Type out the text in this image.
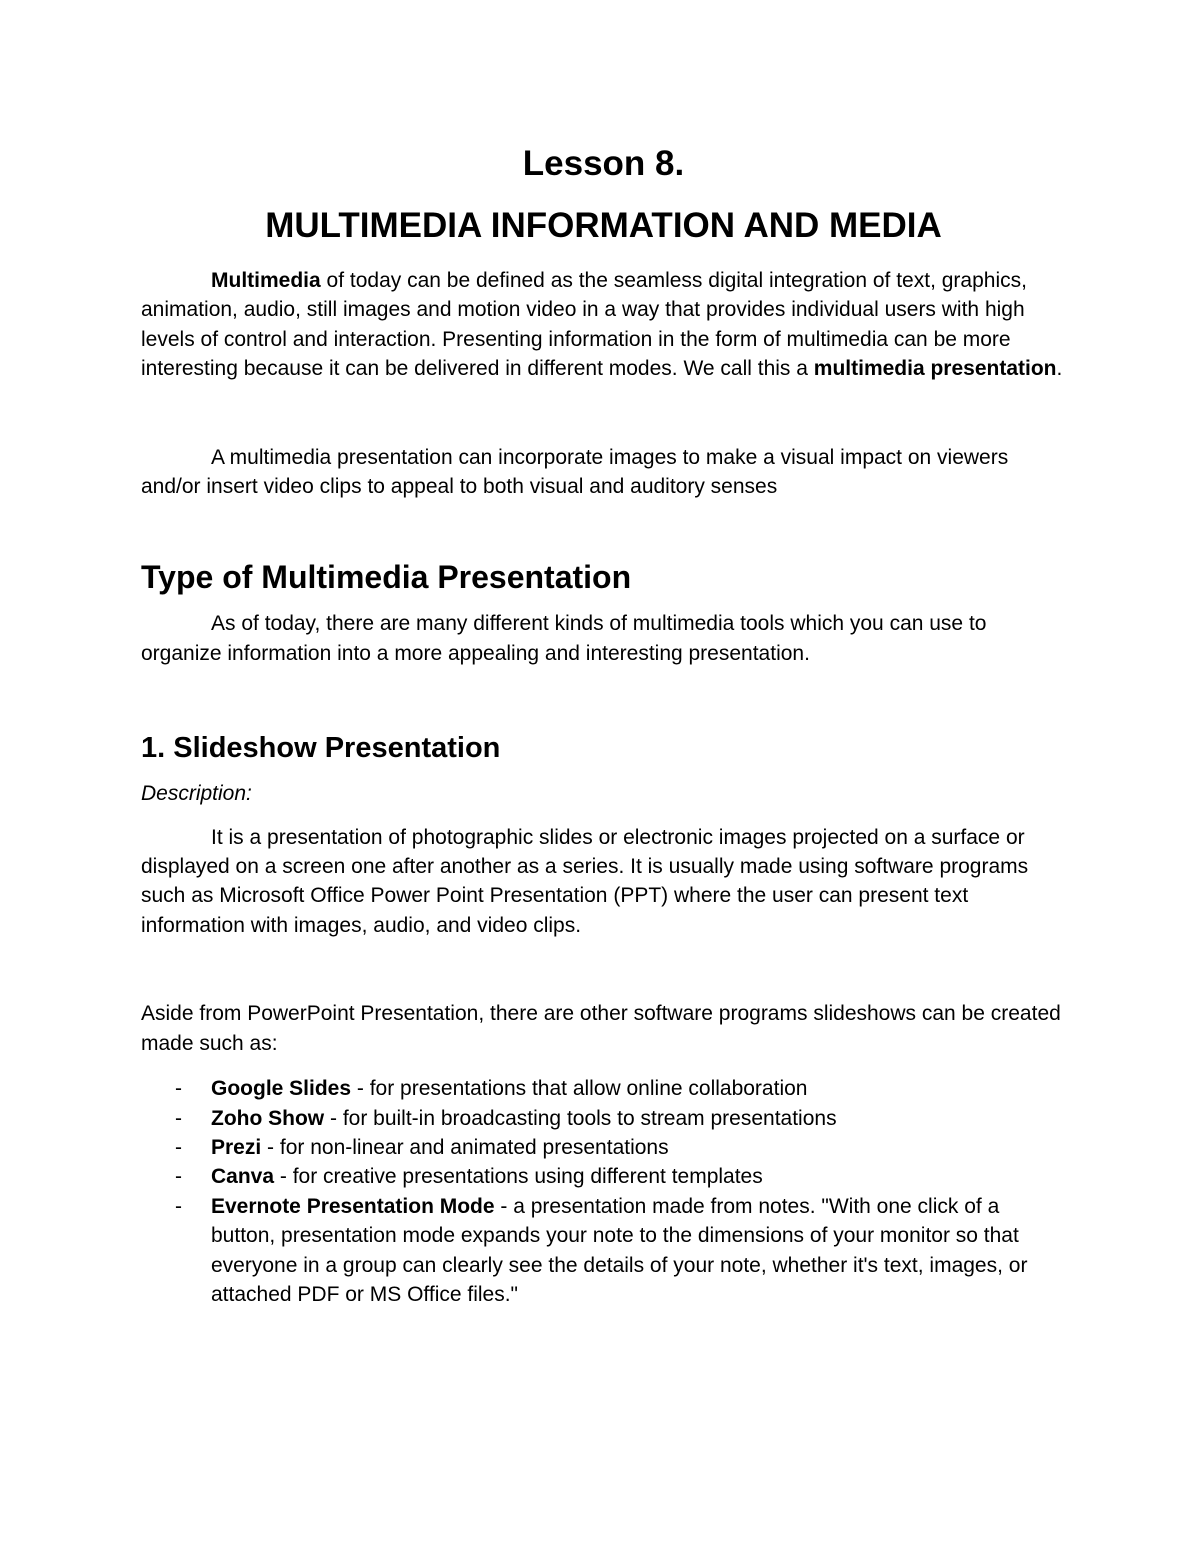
Lesson 8.
MULTIMEDIA INFORMATION AND MEDIA

Multimedia of today can be defined as the seamless digital integration of text, graphics, animation, audio, still images and motion video in a way that provides individual users with high levels of control and interaction. Presenting information in the form of multimedia can be more interesting because it can be delivered in different modes. We call this a multimedia presentation.

A multimedia presentation can incorporate images to make a visual impact on viewers and/or insert video clips to appeal to both visual and auditory senses

Type of Multimedia Presentation

As of today, there are many different kinds of multimedia tools which you can use to organize information into a more appealing and interesting presentation.

1. Slideshow Presentation

Description:

It is a presentation of photographic slides or electronic images projected on a surface or displayed on a screen one after another as a series. It is usually made using software programs such as Microsoft Office Power Point Presentation (PPT) where the user can present text information with images, audio, and video clips.

Aside from PowerPoint Presentation, there are other software programs slideshows can be created made such as:

- Google Slides - for presentations that allow online collaboration
- Zoho Show - for built-in broadcasting tools to stream presentations
- Prezi - for non-linear and animated presentations
- Canva - for creative presentations using different templates
- Evernote Presentation Mode - a presentation made from notes. "With one click of a button, presentation mode expands your note to the dimensions of your monitor so that everyone in a group can clearly see the details of your note, whether it's text, images, or attached PDF or MS Office files."
